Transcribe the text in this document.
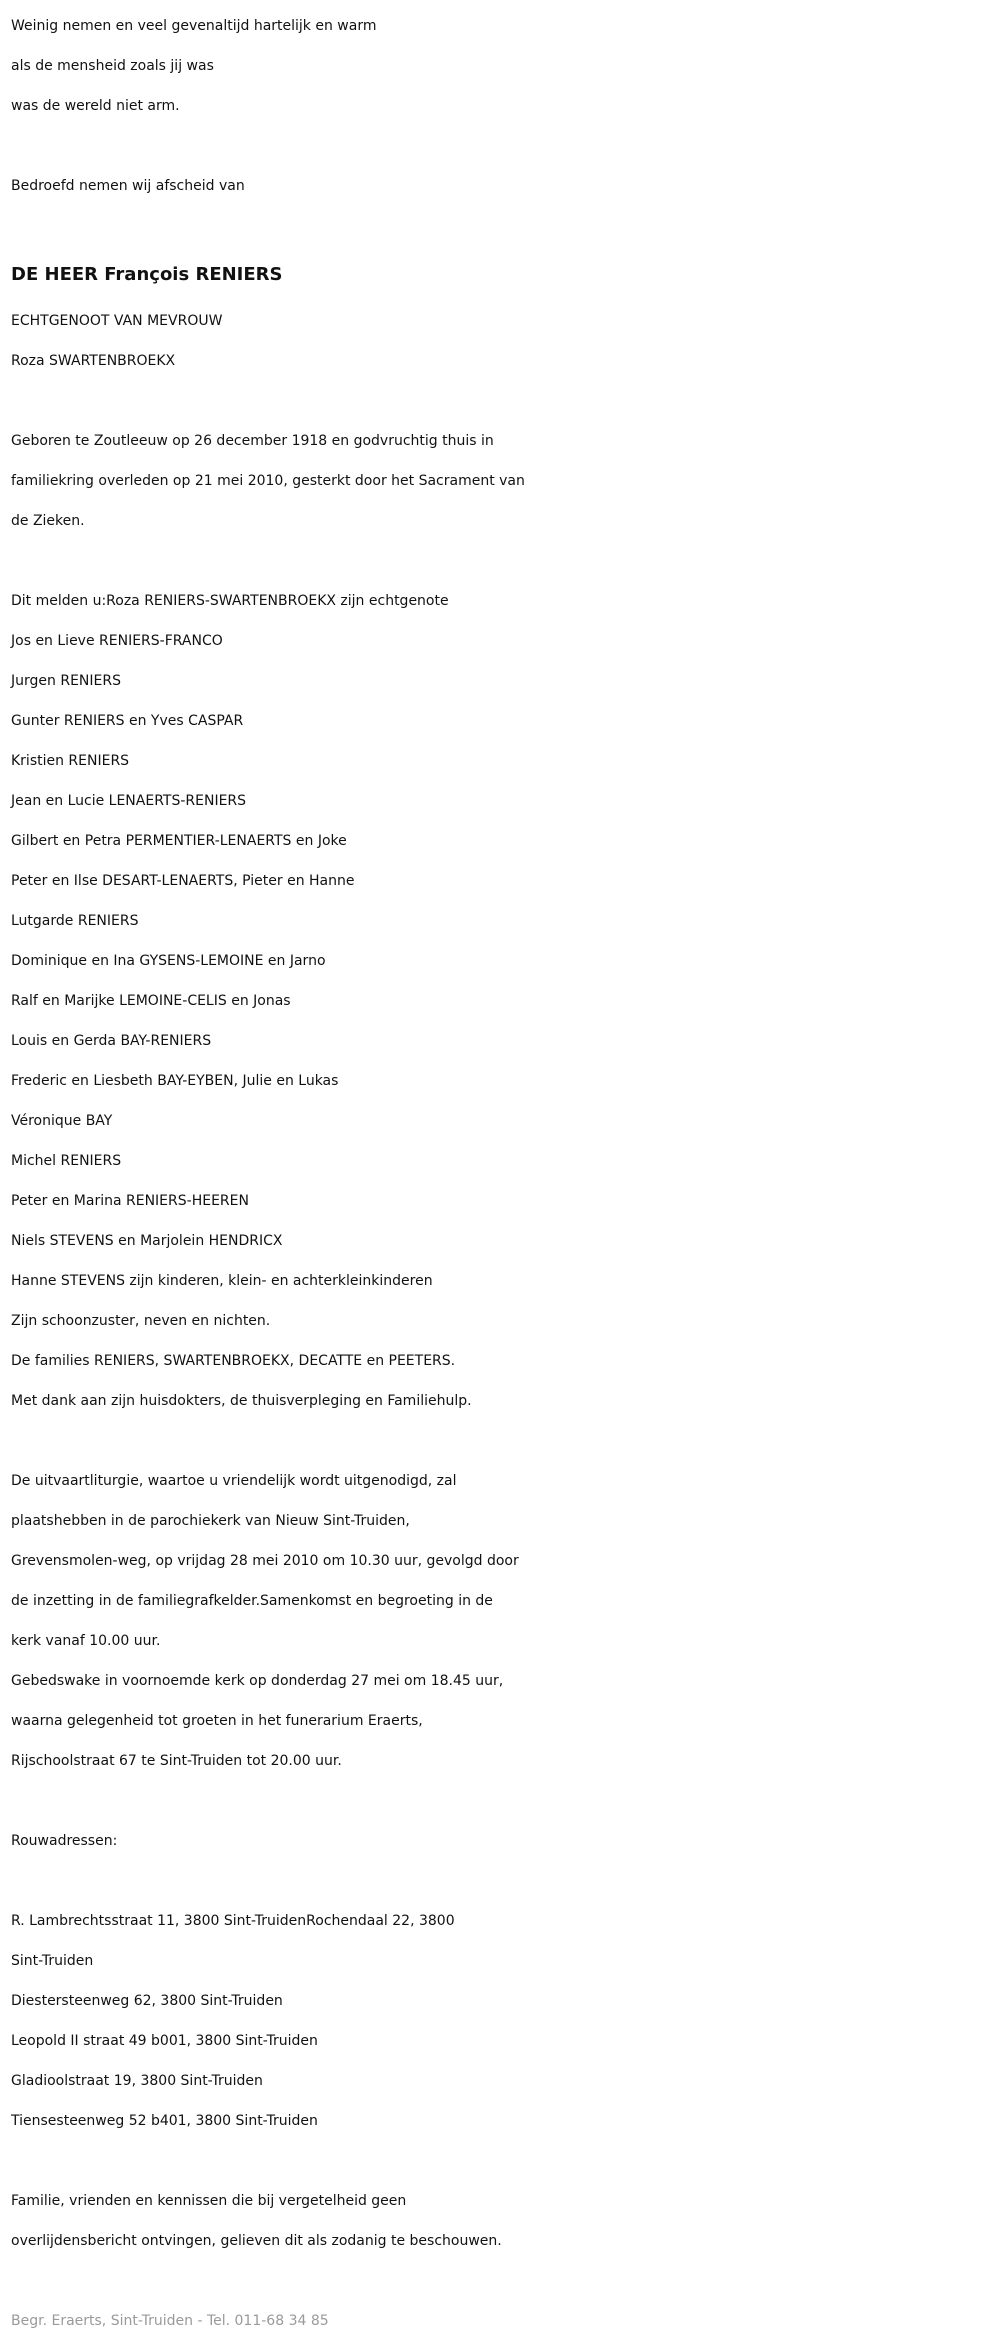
Weinig nemen en veel gevenaltijd hartelijk en warm
als de mensheid zoals jij was
was de wereld niet arm.
Bedroefd nemen wij afscheid van
DE HEER François RENIERS
ECHTGENOOT VAN MEVROUW
Roza SWARTENBROEKX
Geboren te Zoutleeuw op 26 december 1918 en godvruchtig thuis in
familiekring overleden op 21 mei 2010, gesterkt door het Sacrament van
de Zieken.
Dit melden u:Roza RENIERS-SWARTENBROEKX zijn echtgenote
Jos en Lieve RENIERS-FRANCO
Jurgen RENIERS
Gunter RENIERS en Yves CASPAR
Kristien RENIERS
Jean en Lucie LENAERTS-RENIERS
Gilbert en Petra PERMENTIER-LENAERTS en Joke
Peter en Ilse DESART-LENAERTS, Pieter en Hanne
Lutgarde RENIERS
Dominique en Ina GYSENS-LEMOINE en Jarno
Ralf en Marijke LEMOINE-CELIS en Jonas
Louis en Gerda BAY-RENIERS
Frederic en Liesbeth BAY-EYBEN, Julie en Lukas
Véronique BAY
Michel RENIERS
Peter en Marina RENIERS-HEEREN
Niels STEVENS en Marjolein HENDRICX
Hanne STEVENS zijn kinderen, klein- en achterkleinkinderen
Zijn schoonzuster, neven en nichten.
De families RENIERS, SWARTENBROEKX, DECATTE en PEETERS.
Met dank aan zijn huisdokters, de thuisverpleging en Familiehulp.
De uitvaartliturgie, waartoe u vriendelijk wordt uitgenodigd, zal
plaatshebben in de parochiekerk van Nieuw Sint-Truiden,
Grevensmolen-weg, op vrijdag 28 mei 2010 om 10.30 uur, gevolgd door
de inzetting in de familiegrafkelder.Samenkomst en begroeting in de
kerk vanaf 10.00 uur.
Gebedswake in voornoemde kerk op donderdag 27 mei om 18.45 uur,
waarna gelegenheid tot groeten in het funerarium Eraerts,
Rijschoolstraat 67 te Sint-Truiden tot 20.00 uur.
Rouwadressen:
R. Lambrechtsstraat 11, 3800 Sint-TruidenRochendaal 22, 3800
Sint-Truiden
Diestersteenweg 62, 3800 Sint-Truiden
Leopold II straat 49 b001, 3800 Sint-Truiden
Gladioolstraat 19, 3800 Sint-Truiden
Tiensesteenweg 52 b401, 3800 Sint-Truiden
Familie, vrienden en kennissen die bij vergetelheid geen
overlijdensbericht ontvingen, gelieven dit als zodanig te beschouwen.
Begr. Eraerts, Sint-Truiden - Tel. 011-68 34 85
